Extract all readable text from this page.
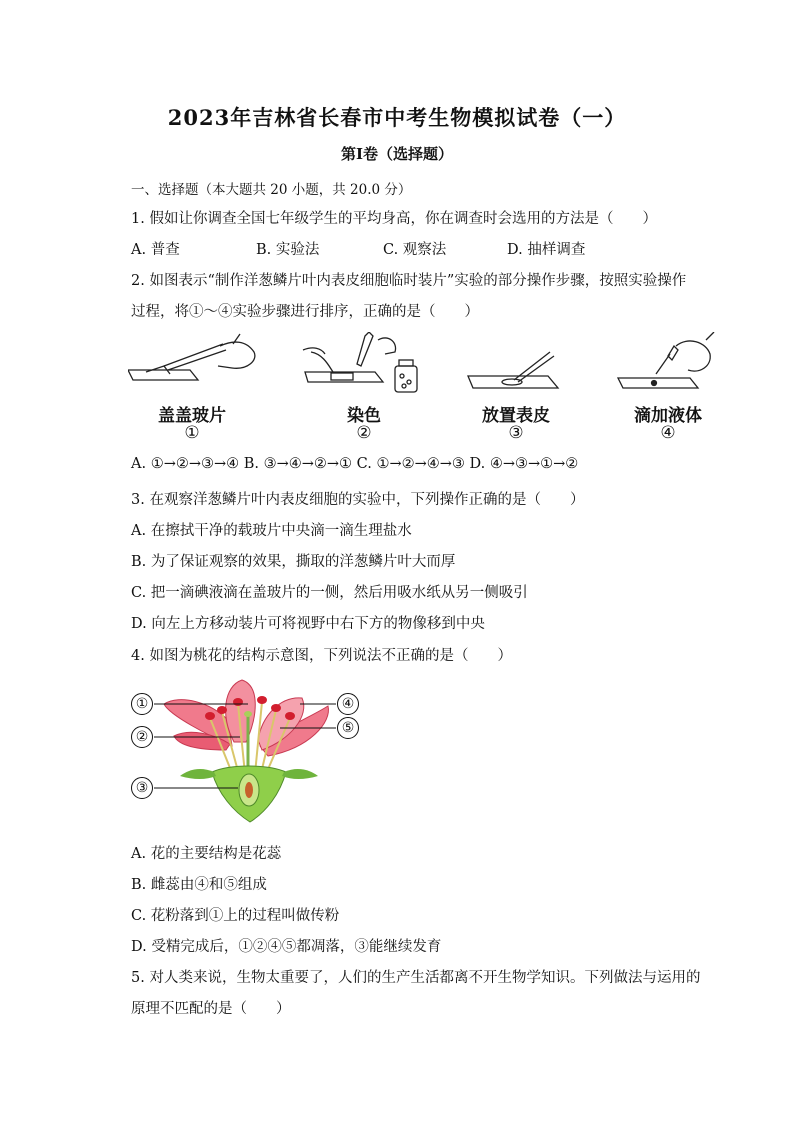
2023年吉林省长春市中考生物模拟试卷（一）
第I卷（选择题）
一、选择题（本大题共 20 小题，共 20.0 分）
1. 假如让你调查全国七年级学生的平均身高，你在调查时会选用的方法是（　　）
A. 普查	B. 实验法	C. 观察法	D. 抽样调查
2. 如图表示“制作洋葱鳞片叶内表皮细胞临时装片”实验的部分操作步骤，按照实验操作
过程，将①～④实验步骤进行排序，正确的是（　　）
盖盖玻片	染色	放置表皮	滴加液体
①	②	③	④
A. ①→②→③→④ B. ③→④→②→① C. ①→②→④→③ D. ④→③→①→②
3. 在观察洋葱鳞片叶内表皮细胞的实验中，下列操作正确的是（　　）
A. 在擦拭干净的载玻片中央滴一滴生理盐水
B. 为了保证观察的效果，撕取的洋葱鳞片叶大而厚
C. 把一滴碘液滴在盖玻片的一侧，然后用吸水纸从另一侧吸引
D. 向左上方移动装片可将视野中右下方的物像移到中央
4. 如图为桃花的结构示意图，下列说法不正确的是（　　）
①
②
③
④
⑤
A. 花的主要结构是花蕊
B. 雌蕊由④和⑤组成
C. 花粉落到①上的过程叫做传粉
D. 受精完成后，①②④⑤都凋落，③能继续发育
5. 对人类来说，生物太重要了，人们的生产生活都离不开生物学知识。下列做法与运用的
原理不匹配的是（　　）
